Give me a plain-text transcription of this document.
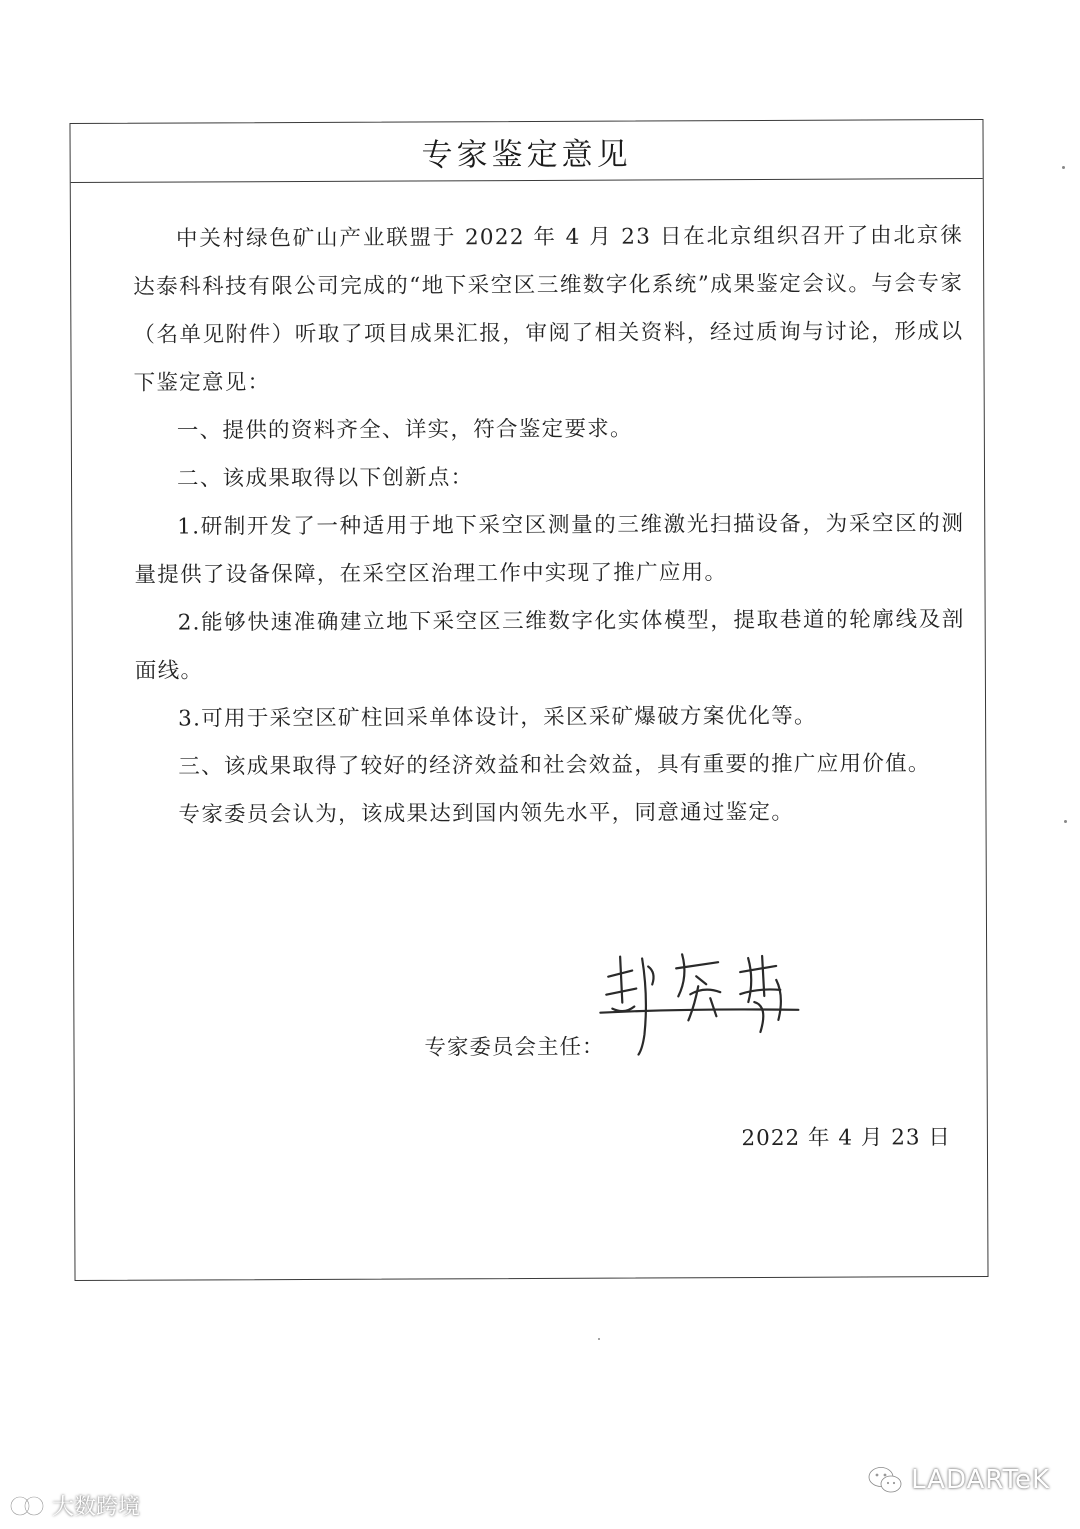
专家鉴定意见

中关村绿色矿山产业联盟于 2022 年 4 月 23 日在北京组织召开了由北京徕达泰科科技有限公司完成的“地下采空区三维数字化系统”成果鉴定会议。与会专家（名单见附件）听取了项目成果汇报，审阅了相关资料，经过质询与讨论，形成以下鉴定意见：

一、提供的资料齐全、详实，符合鉴定要求。

二、该成果取得以下创新点：

1.研制开发了一种适用于地下采空区测量的三维激光扫描设备，为采空区的测量提供了设备保障，在采空区治理工作中实现了推广应用。

2.能够快速准确建立地下采空区三维数字化实体模型，提取巷道的轮廓线及剖面线。

3.可用于采空区矿柱回采单体设计，采区采矿爆破方案优化等。

三、该成果取得了较好的经济效益和社会效益，具有重要的推广应用价值。

专家委员会认为，该成果达到国内领先水平，同意通过鉴定。

专家委员会主任：
2022 年 4 月 23 日
大数跨境
LADARTeK
